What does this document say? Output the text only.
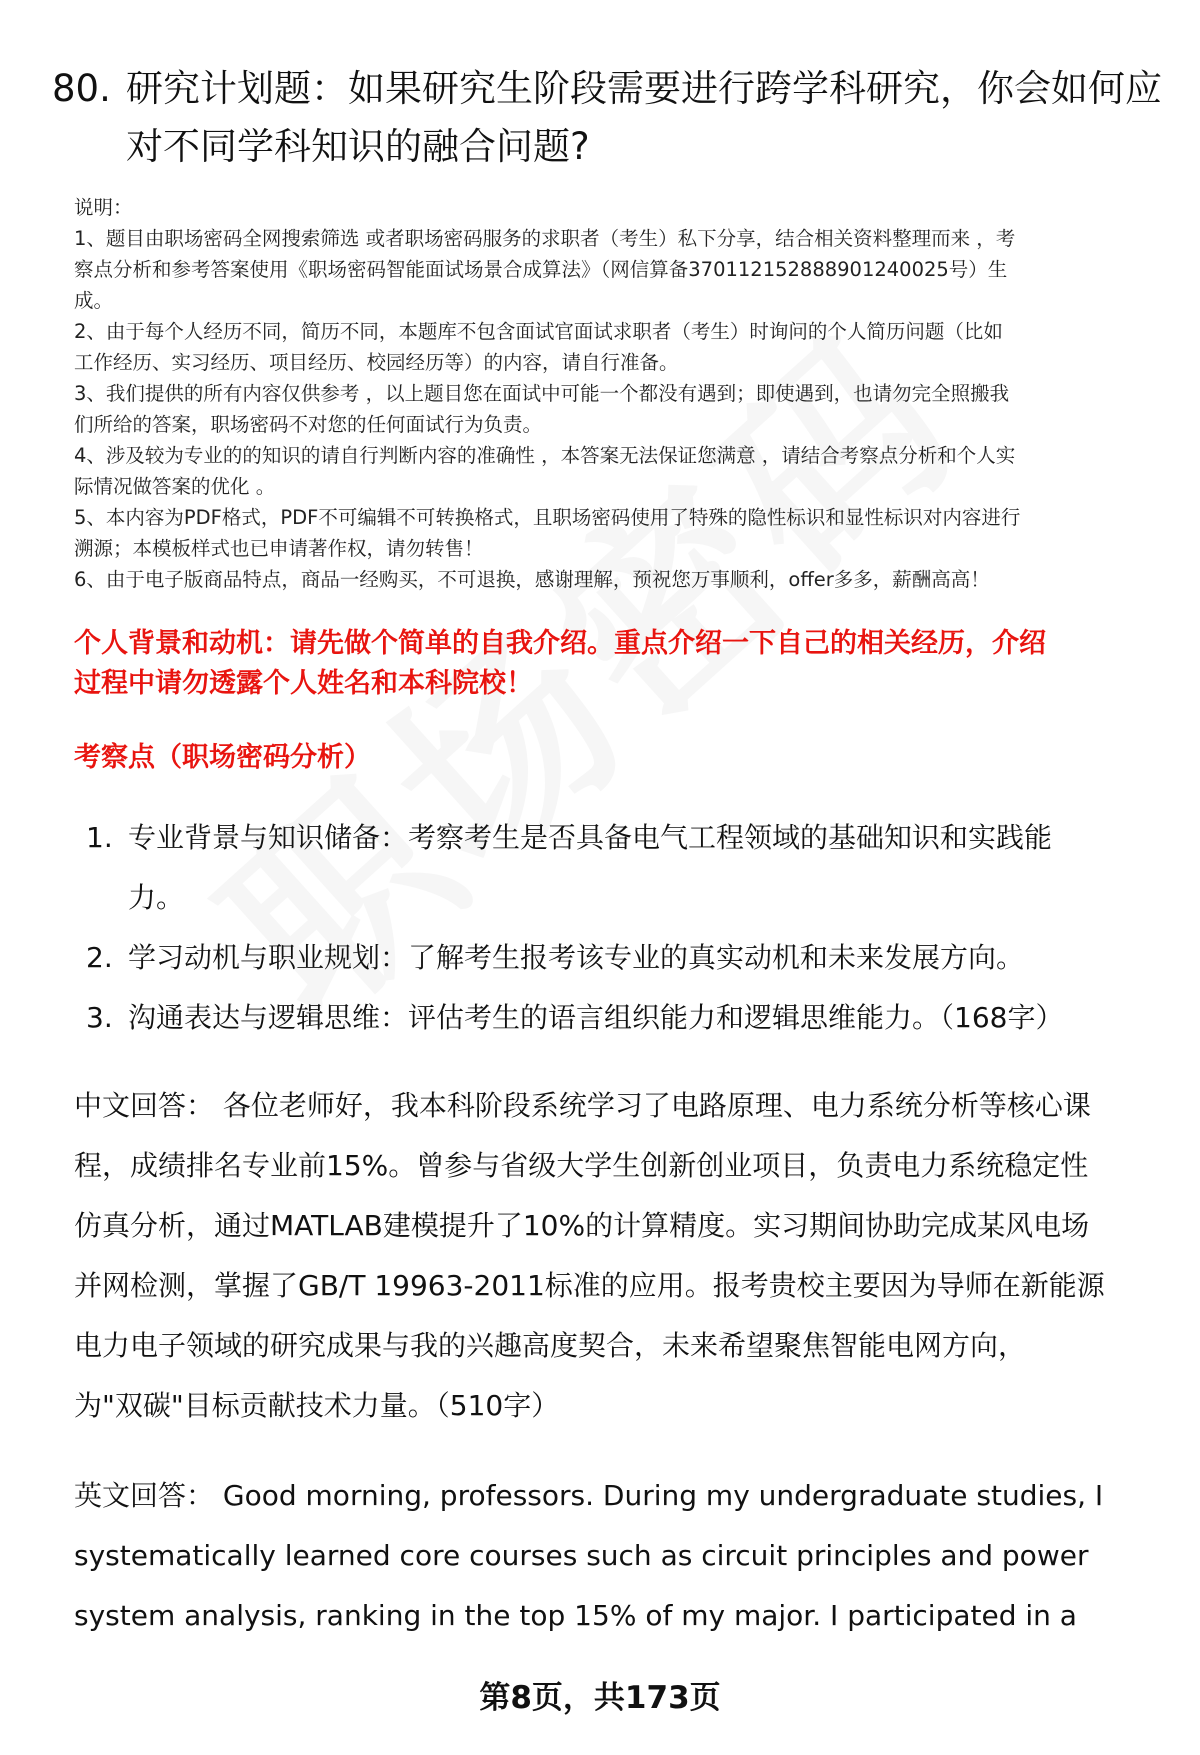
80. 研究计划题：如果研究生阶段需要进行跨学科研究，你会如何应
对不同学科知识的融合问题?
说明：
1、题目由职场密码全网搜索筛选 或者职场密码服务的求职者（考生）私下分享，结合相关资料整理而来 ，考
察点分析和参考答案使用《职场密码智能面试场景合成算法》（网信算备370112152888901240025号）生
成。
2、由于每个人经历不同，简历不同，本题库不包含面试官面试求职者（考生）时询问的个人简历问题（比如
工作经历、实习经历、项目经历、校园经历等）的内容，请自行准备。
3、我们提供的所有内容仅供参考 ，以上题目您在面试中可能一个都没有遇到；即使遇到，也请勿完全照搬我
们所给的答案，职场密码不对您的任何面试行为负责。
4、涉及较为专业的的知识的请自行判断内容的准确性 ，本答案无法保证您满意 ，请结合考察点分析和个人实
际情况做答案的优化 。
5、本内容为PDF格式，PDF不可编辑不可转换格式，且职场密码使用了特殊的隐性标识和显性标识对内容进行
溯源；本模板样式也已申请著作权，请勿转售！
6、由于电子版商品特点，商品一经购买，不可退换，感谢理解，预祝您万事顺利，offer多多，薪酬高高！
个人背景和动机：请先做个简单的自我介绍。重点介绍一下自己的相关经历，介绍
过程中请勿透露个人姓名和本科院校！
考察点（职场密码分析）
1. 专业背景与知识储备：考察考生是否具备电气工程领域的基础知识和实践能
力。
2. 学习动机与职业规划：了解考生报考该专业的真实动机和未来发展方向。
3. 沟通表达与逻辑思维：评估考生的语言组织能力和逻辑思维能力。（168字）
中文回答： 各位老师好，我本科阶段系统学习了电路原理、电力系统分析等核心课
程，成绩排名专业前15%。曾参与省级大学生创新创业项目，负责电力系统稳定性
仿真分析，通过MATLAB建模提升了10%的计算精度。实习期间协助完成某风电场
并网检测，掌握了GB/T 19963-2011标准的应用。报考贵校主要因为导师在新能源
电力电子领域的研究成果与我的兴趣高度契合，未来希望聚焦智能电网方向，
为"双碳"目标贡献技术力量。（510字）
英文回答： Good morning, professors. During my undergraduate studies, I
systematically learned core courses such as circuit principles and power
system analysis, ranking in the top 15% of my major. I participated in a
第8页，共173页
